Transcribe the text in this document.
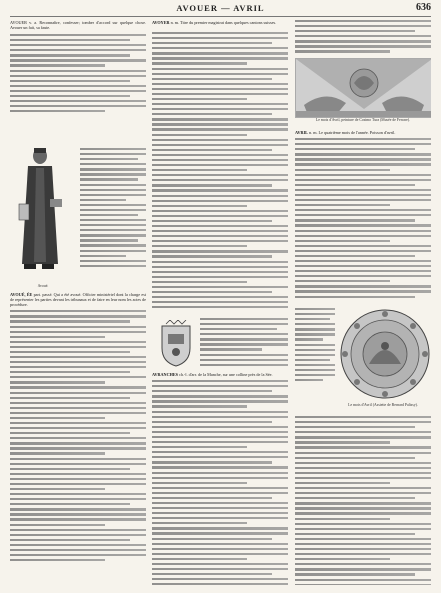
AVOUER — AVRIL	636

AVOUER v. a. Reconnaître, confesser; tomber d'accord sur quelque chose. Avouer un fait, sa faute.

Avoué.

AVOUÉ, ÉE part. passé. Qui a été avoué. Officier ministériel dont la charge est de représenter les parties devant les tribunaux et de faire en leur nom les actes de procédure.

AVOYER n. m. Titre du premier magistrat dans quelques cantons suisses.

AVRANCHES ch.-l. d'arr. de la Manche, sur une colline près de la Sée.

Le mois d'Avril, peinture de Cosimo Tura (Musée de Ferrare).

AVRIL n. m. Le quatrième mois de l'année. Poisson d'avril.

Le mois d'Avril (Assiette de Bernard Palissy).
